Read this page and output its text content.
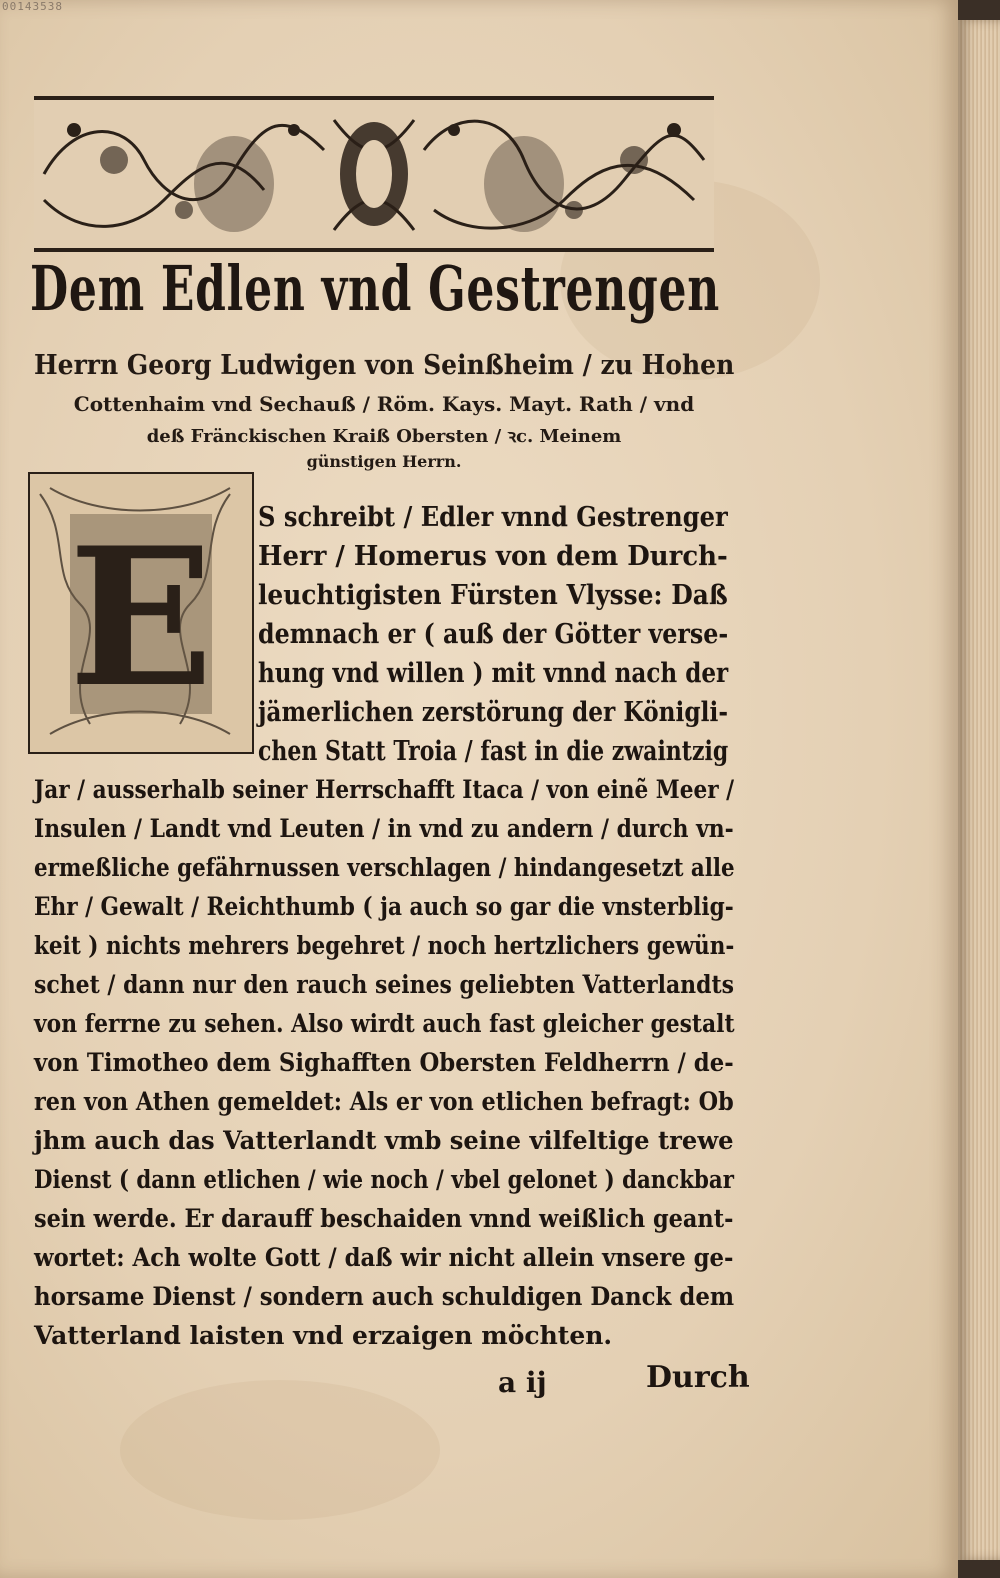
00143538
Dem Edlen vnd Gestrengen
Herrn Georg Ludwigen von Seinßheim / zu Hohen
Cottenhaim vnd Sechauß / Röm. Kays. Mayt. Rath / vnd
deß Fränckischen Kraiß Obersten / ꝛc. Meinem
günstigen Herrn.
E S schreibt / Edler vnnd Gestrenger
Herr / Homerus von dem Durch-
leuchtigisten Fürsten Vlysse: Daß
demnach er ( auß der Götter verse-
hung vnd willen ) mit vnnd nach der
jämerlichen zerstörung der Königli-
chen Statt Troia / fast in die zwaintzig
Jar / ausserhalb seiner Herrschafft Itaca / von einẽ Meer /
Insulen / Landt vnd Leuten / in vnd zu andern / durch vn-
ermeßliche gefährnussen verschlagen / hindangesetzt alle
Ehr / Gewalt / Reichthumb ( ja auch so gar die vnsterblig-
keit ) nichts mehrers begehret / noch hertzlichers gewün-
schet / dann nur den rauch seines geliebten Vatterlandts
von ferrne zu sehen. Also wirdt auch fast gleicher gestalt
von Timotheo dem Sighafften Obersten Feldherrn / de-
ren von Athen gemeldet: Als er von etlichen befragt: Ob
jhm auch das Vatterlandt vmb seine vilfeltige trewe
Dienst ( dann etlichen / wie noch / vbel gelonet ) danckbar
sein werde. Er darauff beschaiden vnnd weißlich geant-
wortet: Ach wolte Gott / daß wir nicht allein vnsere ge-
horsame Dienst / sondern auch schuldigen Danck dem
Vatterland laisten vnd erzaigen möchten.
a ij	Durch
